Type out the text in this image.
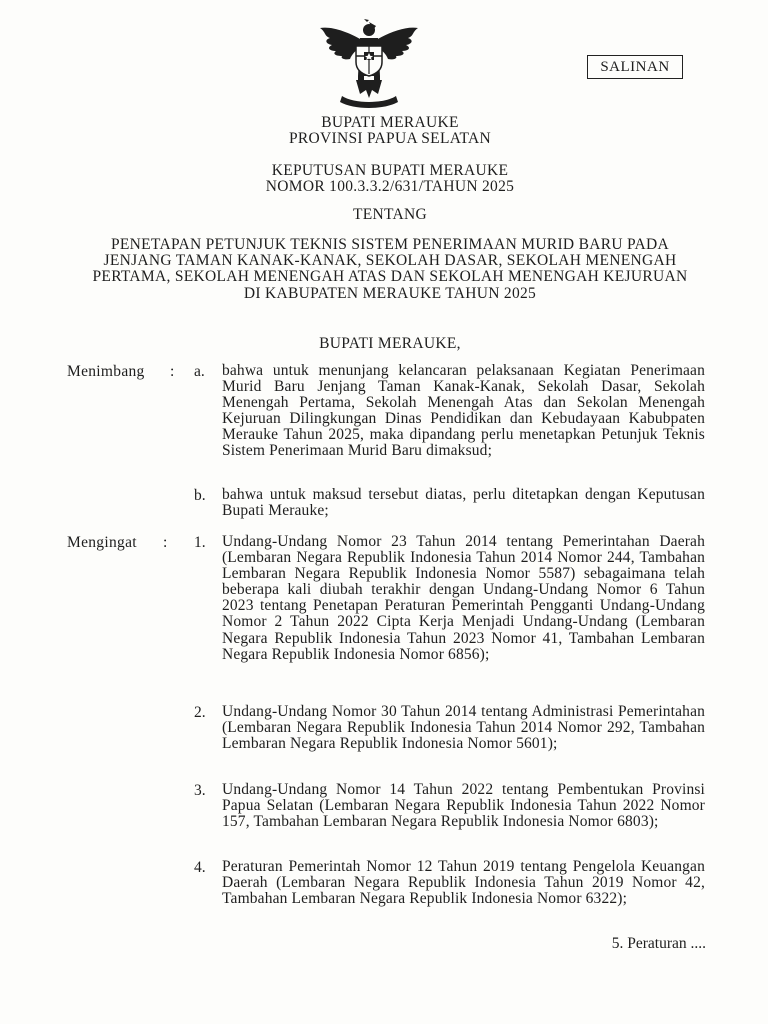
SALINAN
BUPATI MERAUKE
PROVINSI PAPUA SELATAN
KEPUTUSAN BUPATI MERAUKE
NOMOR 100.3.3.2/631/TAHUN 2025
TENTANG
PENETAPAN PETUNJUK TEKNIS SISTEM PENERIMAAN MURID BARU PADA JENJANG TAMAN KANAK-KANAK, SEKOLAH DASAR, SEKOLAH MENENGAH PERTAMA, SEKOLAH MENENGAH ATAS DAN SEKOLAH MENENGAH KEJURUAN DI KABUPATEN MERAUKE TAHUN 2025
BUPATI MERAUKE,
Menimbang : a. bahwa untuk menunjang kelancaran pelaksanaan Kegiatan Penerimaan Murid Baru Jenjang Taman Kanak-Kanak, Sekolah Dasar, Sekolah Menengah Pertama, Sekolah Menengah Atas dan Sekolan Menengah Kejuruan Dilingkungan Dinas Pendidikan dan Kebudayaan Kabubpaten Merauke Tahun 2025, maka dipandang perlu menetapkan Petunjuk Teknis Sistem Penerimaan Murid Baru dimaksud;
b. bahwa untuk maksud tersebut diatas, perlu ditetapkan dengan Keputusan Bupati Merauke;
Mengingat : 1. Undang-Undang Nomor 23 Tahun 2014 tentang Pemerintahan Daerah (Lembaran Negara Republik Indonesia Tahun 2014 Nomor 244, Tambahan Lembaran Negara Republik Indonesia Nomor 5587) sebagaimana telah beberapa kali diubah terakhir dengan Undang-Undang Nomor 6 Tahun 2023 tentang Penetapan Peraturan Pemerintah Pengganti Undang-Undang Nomor 2 Tahun 2022 Cipta Kerja Menjadi Undang-Undang (Lembaran Negara Republik Indonesia Tahun 2023 Nomor 41, Tambahan Lembaran Negara Republik Indonesia Nomor 6856);
2. Undang-Undang Nomor 30 Tahun 2014 tentang Administrasi Pemerintahan (Lembaran Negara Republik Indonesia Tahun 2014 Nomor 292, Tambahan Lembaran Negara Republik Indonesia Nomor 5601);
3. Undang-Undang Nomor 14 Tahun 2022 tentang Pembentukan Provinsi Papua Selatan (Lembaran Negara Republik Indonesia Tahun 2022 Nomor 157, Tambahan Lembaran Negara Republik Indonesia Nomor 6803);
4. Peraturan Pemerintah Nomor 12 Tahun 2019 tentang Pengelola Keuangan Daerah (Lembaran Negara Republik Indonesia Tahun 2019 Nomor 42, Tambahan Lembaran Negara Republik Indonesia Nomor 6322);
5. Peraturan ....
